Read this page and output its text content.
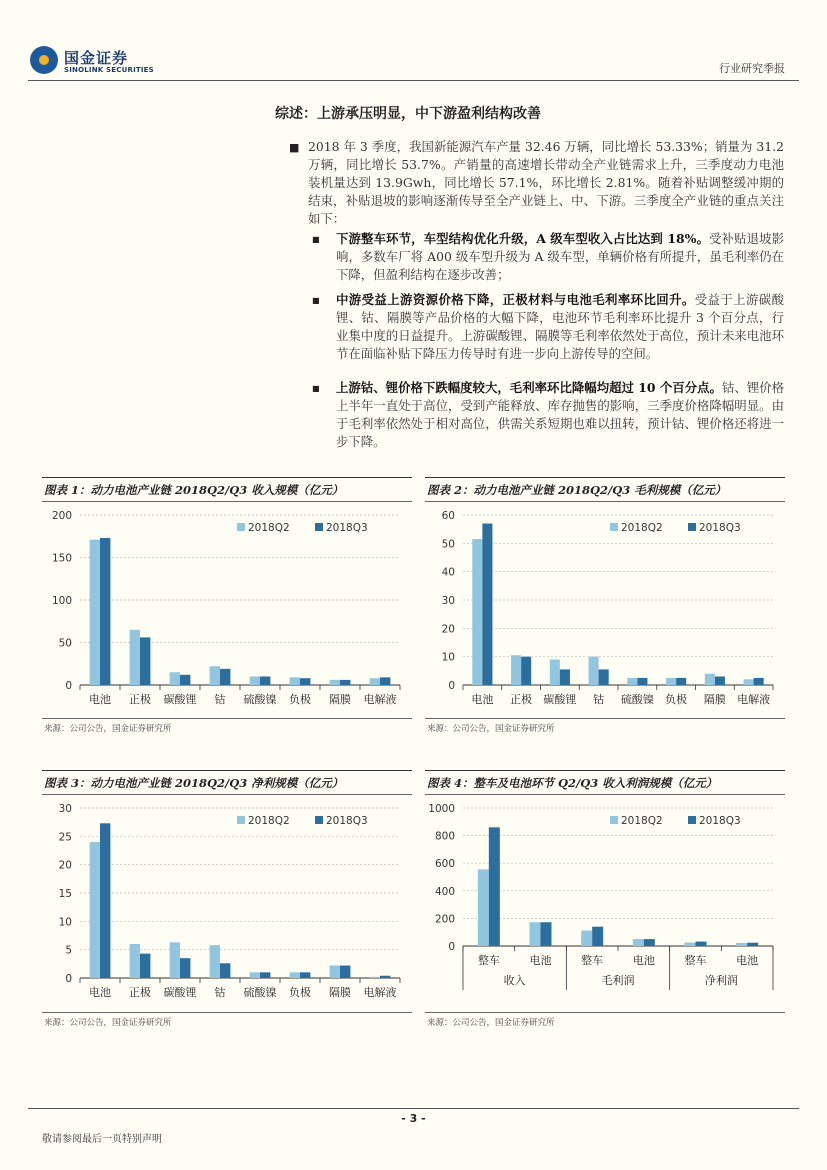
国金证券
SINOLINK SECURITIES	行业研究季报
综述：上游承压明显，中下游盈利结构改善
■ 2018 年 3 季度，我国新能源汽车产量 32.46 万辆，同比增长 53.33%；销量为 31.2 万辆，同比增长 53.7%。产销量的高速增长带动全产业链需求上升，三季度动力电池装机量达到 13.9Gwh，同比增长 57.1%，环比增长 2.81%。随着补贴调整缓冲期的结束，补贴退坡的影响逐渐传导至全产业链上、中、下游。三季度全产业链的重点关注如下：
■ 下游整车环节，车型结构优化升级，A 级车型收入占比达到 18%。受补贴退坡影响，多数车厂将 A00 级车型升级为 A 级车型，单辆价格有所提升，虽毛利率仍在下降，但盈利结构在逐步改善；
■ 中游受益上游资源价格下降，正极材料与电池毛利率环比回升。受益于上游碳酸锂、钴、隔膜等产品价格的大幅下降，电池环节毛利率环比提升 3 个百分点，行业集中度的日益提升。上游碳酸锂、隔膜等毛利率依然处于高位，预计未来电池环节在面临补贴下降压力传导时有进一步向上游传导的空间。
■ 上游钴、锂价格下跌幅度较大，毛利率环比降幅均超过 10 个百分点。钴、锂价格上半年一直处于高位，受到产能释放、库存抛售的影响，三季度价格降幅明显。由于毛利率依然处于相对高位，供需关系短期也难以扭转，预计钴、锂价格还将进一步下降。
图表 1：动力电池产业链 2018Q2/Q3 收入规模（亿元）
0
50
100
150
200
电池 正极 碳酸锂 钴 硫酸镍 负极 隔膜 电解液
2018Q2	2018Q3
来源：公司公告，国金证券研究所
图表 2：动力电池产业链 2018Q2/Q3 毛利规模（亿元）
0
10
20
30
40
50
60
电池 正极 碳酸锂 钴 硫酸镍 负极 隔膜 电解液
2018Q2	2018Q3
来源：公司公告，国金证券研究所
图表 3：动力电池产业链 2018Q2/Q3 净利规模（亿元）
0
5
10
15
20
25
30
电池 正极 碳酸锂 钴 硫酸镍 负极 隔膜 电解液
2018Q2	2018Q3
来源：公司公告，国金证券研究所
图表 4：整车及电池环节 Q2/Q3 收入利润规模（亿元）
0
200
400
600
800
1000
整车	电池	整车	电池	整车	电池
收入	毛利润	净利润
2018Q2	2018Q3
来源：公司公告，国金证券研究所
- 3 -
敬请参阅最后一页特别声明
